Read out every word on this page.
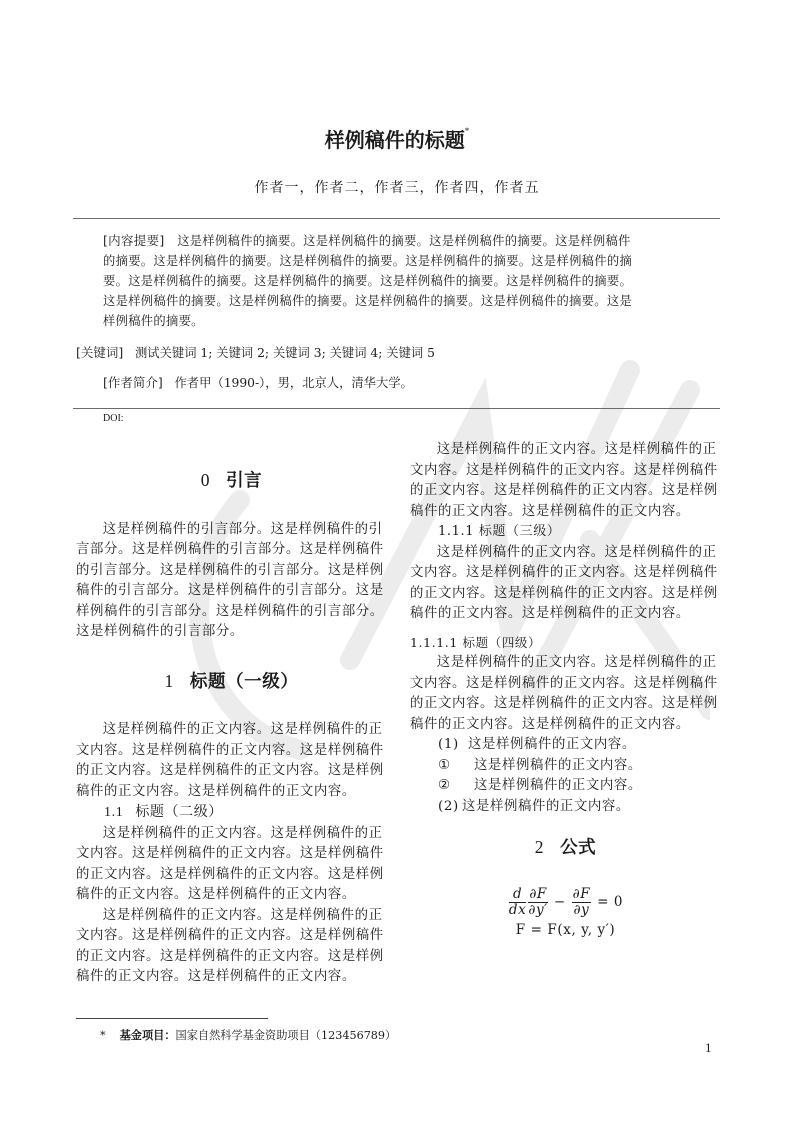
样例稿件的标题*
作者一，作者二，作者三，作者四，作者五
[内容提要] 这是样例稿件的摘要。这是样例稿件的摘要。这是样例稿件的摘要。这是样例稿件
的摘要。这是样例稿件的摘要。这是样例稿件的摘要。这是样例稿件的摘要。这是样例稿件的摘
要。这是样例稿件的摘要。这是样例稿件的摘要。这是样例稿件的摘要。这是样例稿件的摘要。
这是样例稿件的摘要。这是样例稿件的摘要。这是样例稿件的摘要。这是样例稿件的摘要。这是
样例稿件的摘要。
[关键词] 测试关键词 1; 关键词 2; 关键词 3; 关键词 4; 关键词 5
[作者简介] 作者甲（1990-），男，北京人，清华大学。
DOI:
0 引言

这是样例稿件的引言部分。这是样例稿件的引
言部分。这是样例稿件的引言部分。这是样例稿件
的引言部分。这是样例稿件的引言部分。这是样例
稿件的引言部分。这是样例稿件的引言部分。这是
样例稿件的引言部分。这是样例稿件的引言部分。
这是样例稿件的引言部分。

1 标题（一级）

这是样例稿件的正文内容。这是样例稿件的正
文内容。这是样例稿件的正文内容。这是样例稿件
的正文内容。这是样例稿件的正文内容。这是样例
稿件的正文内容。这是样例稿件的正文内容。

1.1 标题（二级）

这是样例稿件的正文内容。这是样例稿件的正
文内容。这是样例稿件的正文内容。这是样例稿件
的正文内容。这是样例稿件的正文内容。这是样例
稿件的正文内容。这是样例稿件的正文内容。

这是样例稿件的正文内容。这是样例稿件的正
文内容。这是样例稿件的正文内容。这是样例稿件
的正文内容。这是样例稿件的正文内容。这是样例
稿件的正文内容。这是样例稿件的正文内容。

这是样例稿件的正文内容。这是样例稿件的正
文内容。这是样例稿件的正文内容。这是样例稿件
的正文内容。这是样例稿件的正文内容。这是样例
稿件的正文内容。这是样例稿件的正文内容。

1.1.1 标题（三级）

这是样例稿件的正文内容。这是样例稿件的正
文内容。这是样例稿件的正文内容。这是样例稿件
的正文内容。这是样例稿件的正文内容。这是样例
稿件的正文内容。这是样例稿件的正文内容。

1.1.1.1 标题（四级）

这是样例稿件的正文内容。这是样例稿件的正
文内容。这是样例稿件的正文内容。这是样例稿件
的正文内容。这是样例稿件的正文内容。这是样例
稿件的正文内容。这是样例稿件的正文内容。

(1) 这是样例稿件的正文内容。
① 这是样例稿件的正文内容。
② 这是样例稿件的正文内容。
(2) 这是样例稿件的正文内容。
2 公式
$\frac{d}{dx} \frac{\partial F}{\partial y'} - \frac{\partial F}{\partial y} = 0$
F = F(x, y, y′)
* 基金项目：国家自然科学基金资助项目（123456789）
1
